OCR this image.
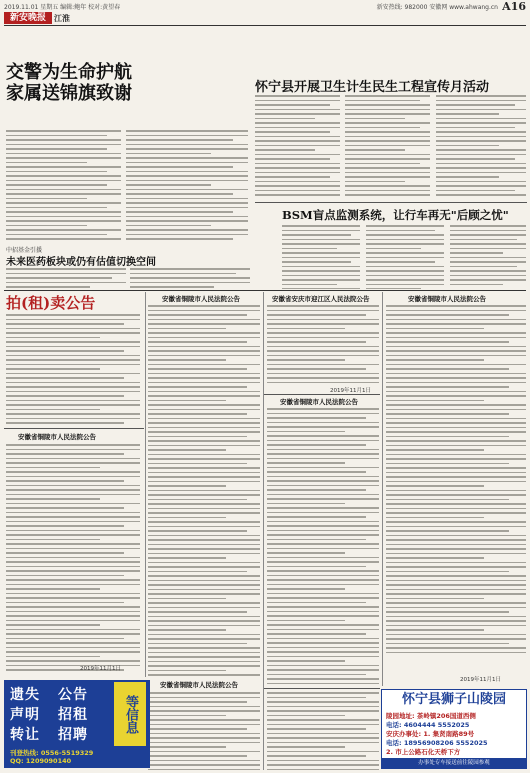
2019.11.01 星期五 编辑:鲍年 校对:黄望春	新安热线: 982000 安徽网 www.ahwang.cn A16
新安晚报	江淮
交警为生命护航
家属送锦旗致谢	怀宁县开展卫生计生民生工程宣传月活动
BSM盲点监测系统，让行车再无"后顾之忧"
中招基金引援
未来医药板块或仍有估值切换空间
拍(租)卖公告
安徽省铜陵市人民法院公告
2019年11月1日
安徽省铜陵市人民法院公告	安徽省安庆市迎江区人民法院公告
2019年11月1日
安徽省铜陵市人民法院公告
安徽省铜陵市人民法院公告
2019年11月1日
安徽省铜陵市人民法院公告
遗失 公告
声明 招租
转让 招聘
等信息
刊登热线: 0556-5519329
QQ: 1209090140
怀宁县狮子山陵园
陵园地址: 茶岭镇206国道西侧
电话: 4604444 5552025
安庆办事处: 1. 集贤南路89号
电话: 18956908206 5552025
2. 市上公路石化天桥下方
办事处专车接送前往陵园参观
